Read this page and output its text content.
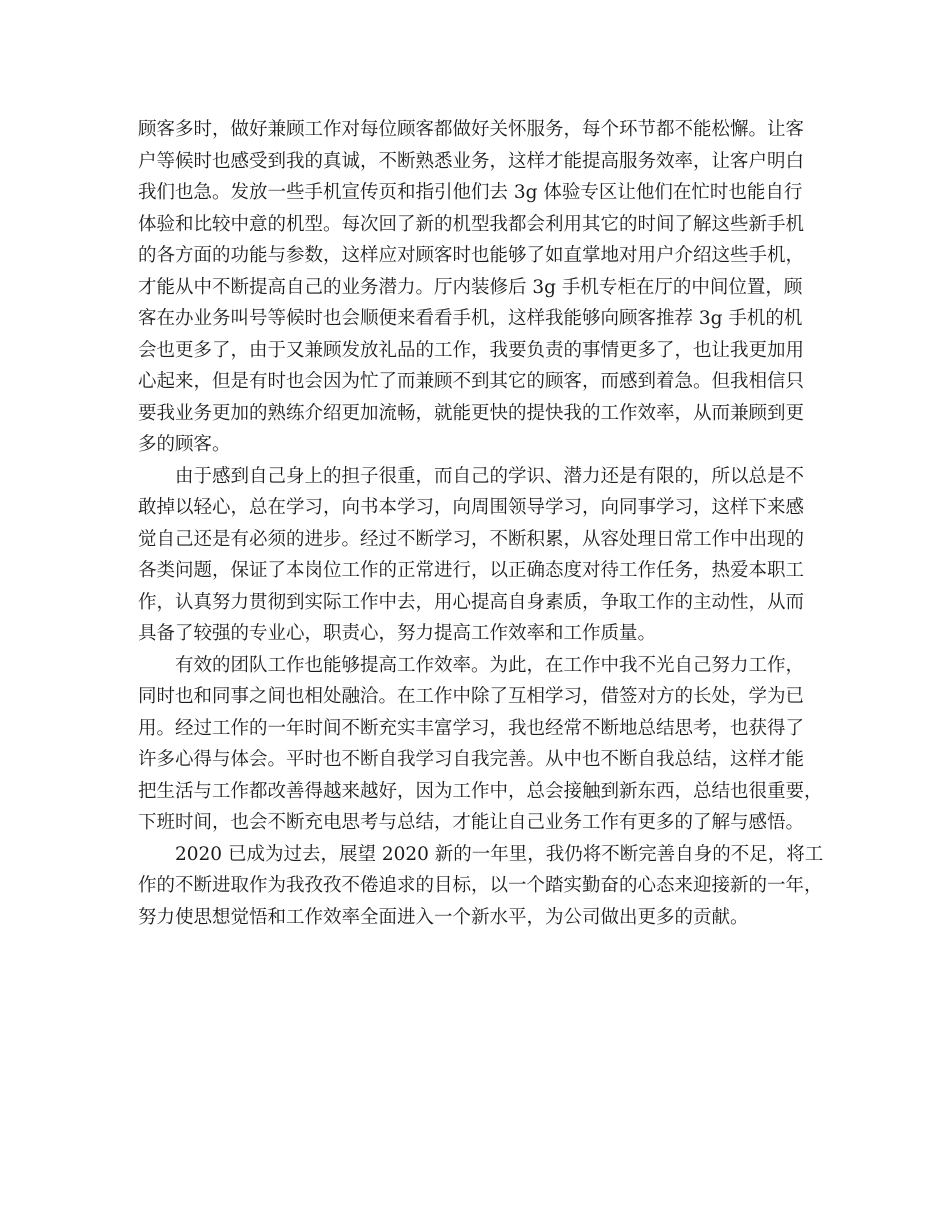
顾客多时，做好兼顾工作对每位顾客都做好关怀服务，每个环节都不能松懈。让客
户等候时也感受到我的真诚，不断熟悉业务，这样才能提高服务效率，让客户明白
我们也急。发放一些手机宣传页和指引他们去 3g 体验专区让他们在忙时也能自行
体验和比较中意的机型。每次回了新的机型我都会利用其它的时间了解这些新手机
的各方面的功能与参数，这样应对顾客时也能够了如直掌地对用户介绍这些手机，
才能从中不断提高自己的业务潜力。厅内装修后 3g 手机专柜在厅的中间位置，顾
客在办业务叫号等候时也会顺便来看看手机，这样我能够向顾客推荐 3g 手机的机
会也更多了，由于又兼顾发放礼品的工作，我要负责的事情更多了，也让我更加用
心起来，但是有时也会因为忙了而兼顾不到其它的顾客，而感到着急。但我相信只
要我业务更加的熟练介绍更加流畅，就能更快的提快我的工作效率，从而兼顾到更
多的顾客。

由于感到自己身上的担子很重，而自己的学识、潜力还是有限的，所以总是不
敢掉以轻心，总在学习，向书本学习，向周围领导学习，向同事学习，这样下来感
觉自己还是有必须的进步。经过不断学习，不断积累，从容处理日常工作中出现的
各类问题，保证了本岗位工作的正常进行，以正确态度对待工作任务，热爱本职工
作，认真努力贯彻到实际工作中去，用心提高自身素质，争取工作的主动性，从而
具备了较强的专业心，职责心，努力提高工作效率和工作质量。

有效的团队工作也能够提高工作效率。为此，在工作中我不光自己努力工作，
同时也和同事之间也相处融洽。在工作中除了互相学习，借签对方的长处，学为已
用。经过工作的一年时间不断充实丰富学习，我也经常不断地总结思考，也获得了
许多心得与体会。平时也不断自我学习自我完善。从中也不断自我总结，这样才能
把生活与工作都改善得越来越好，因为工作中，总会接触到新东西，总结也很重要，
下班时间，也会不断充电思考与总结，才能让自己业务工作有更多的了解与感悟。

2020 已成为过去，展望 2020 新的一年里，我仍将不断完善自身的不足，将工
作的不断进取作为我孜孜不倦追求的目标，以一个踏实勤奋的心态来迎接新的一年，
努力使思想觉悟和工作效率全面进入一个新水平，为公司做出更多的贡献。
